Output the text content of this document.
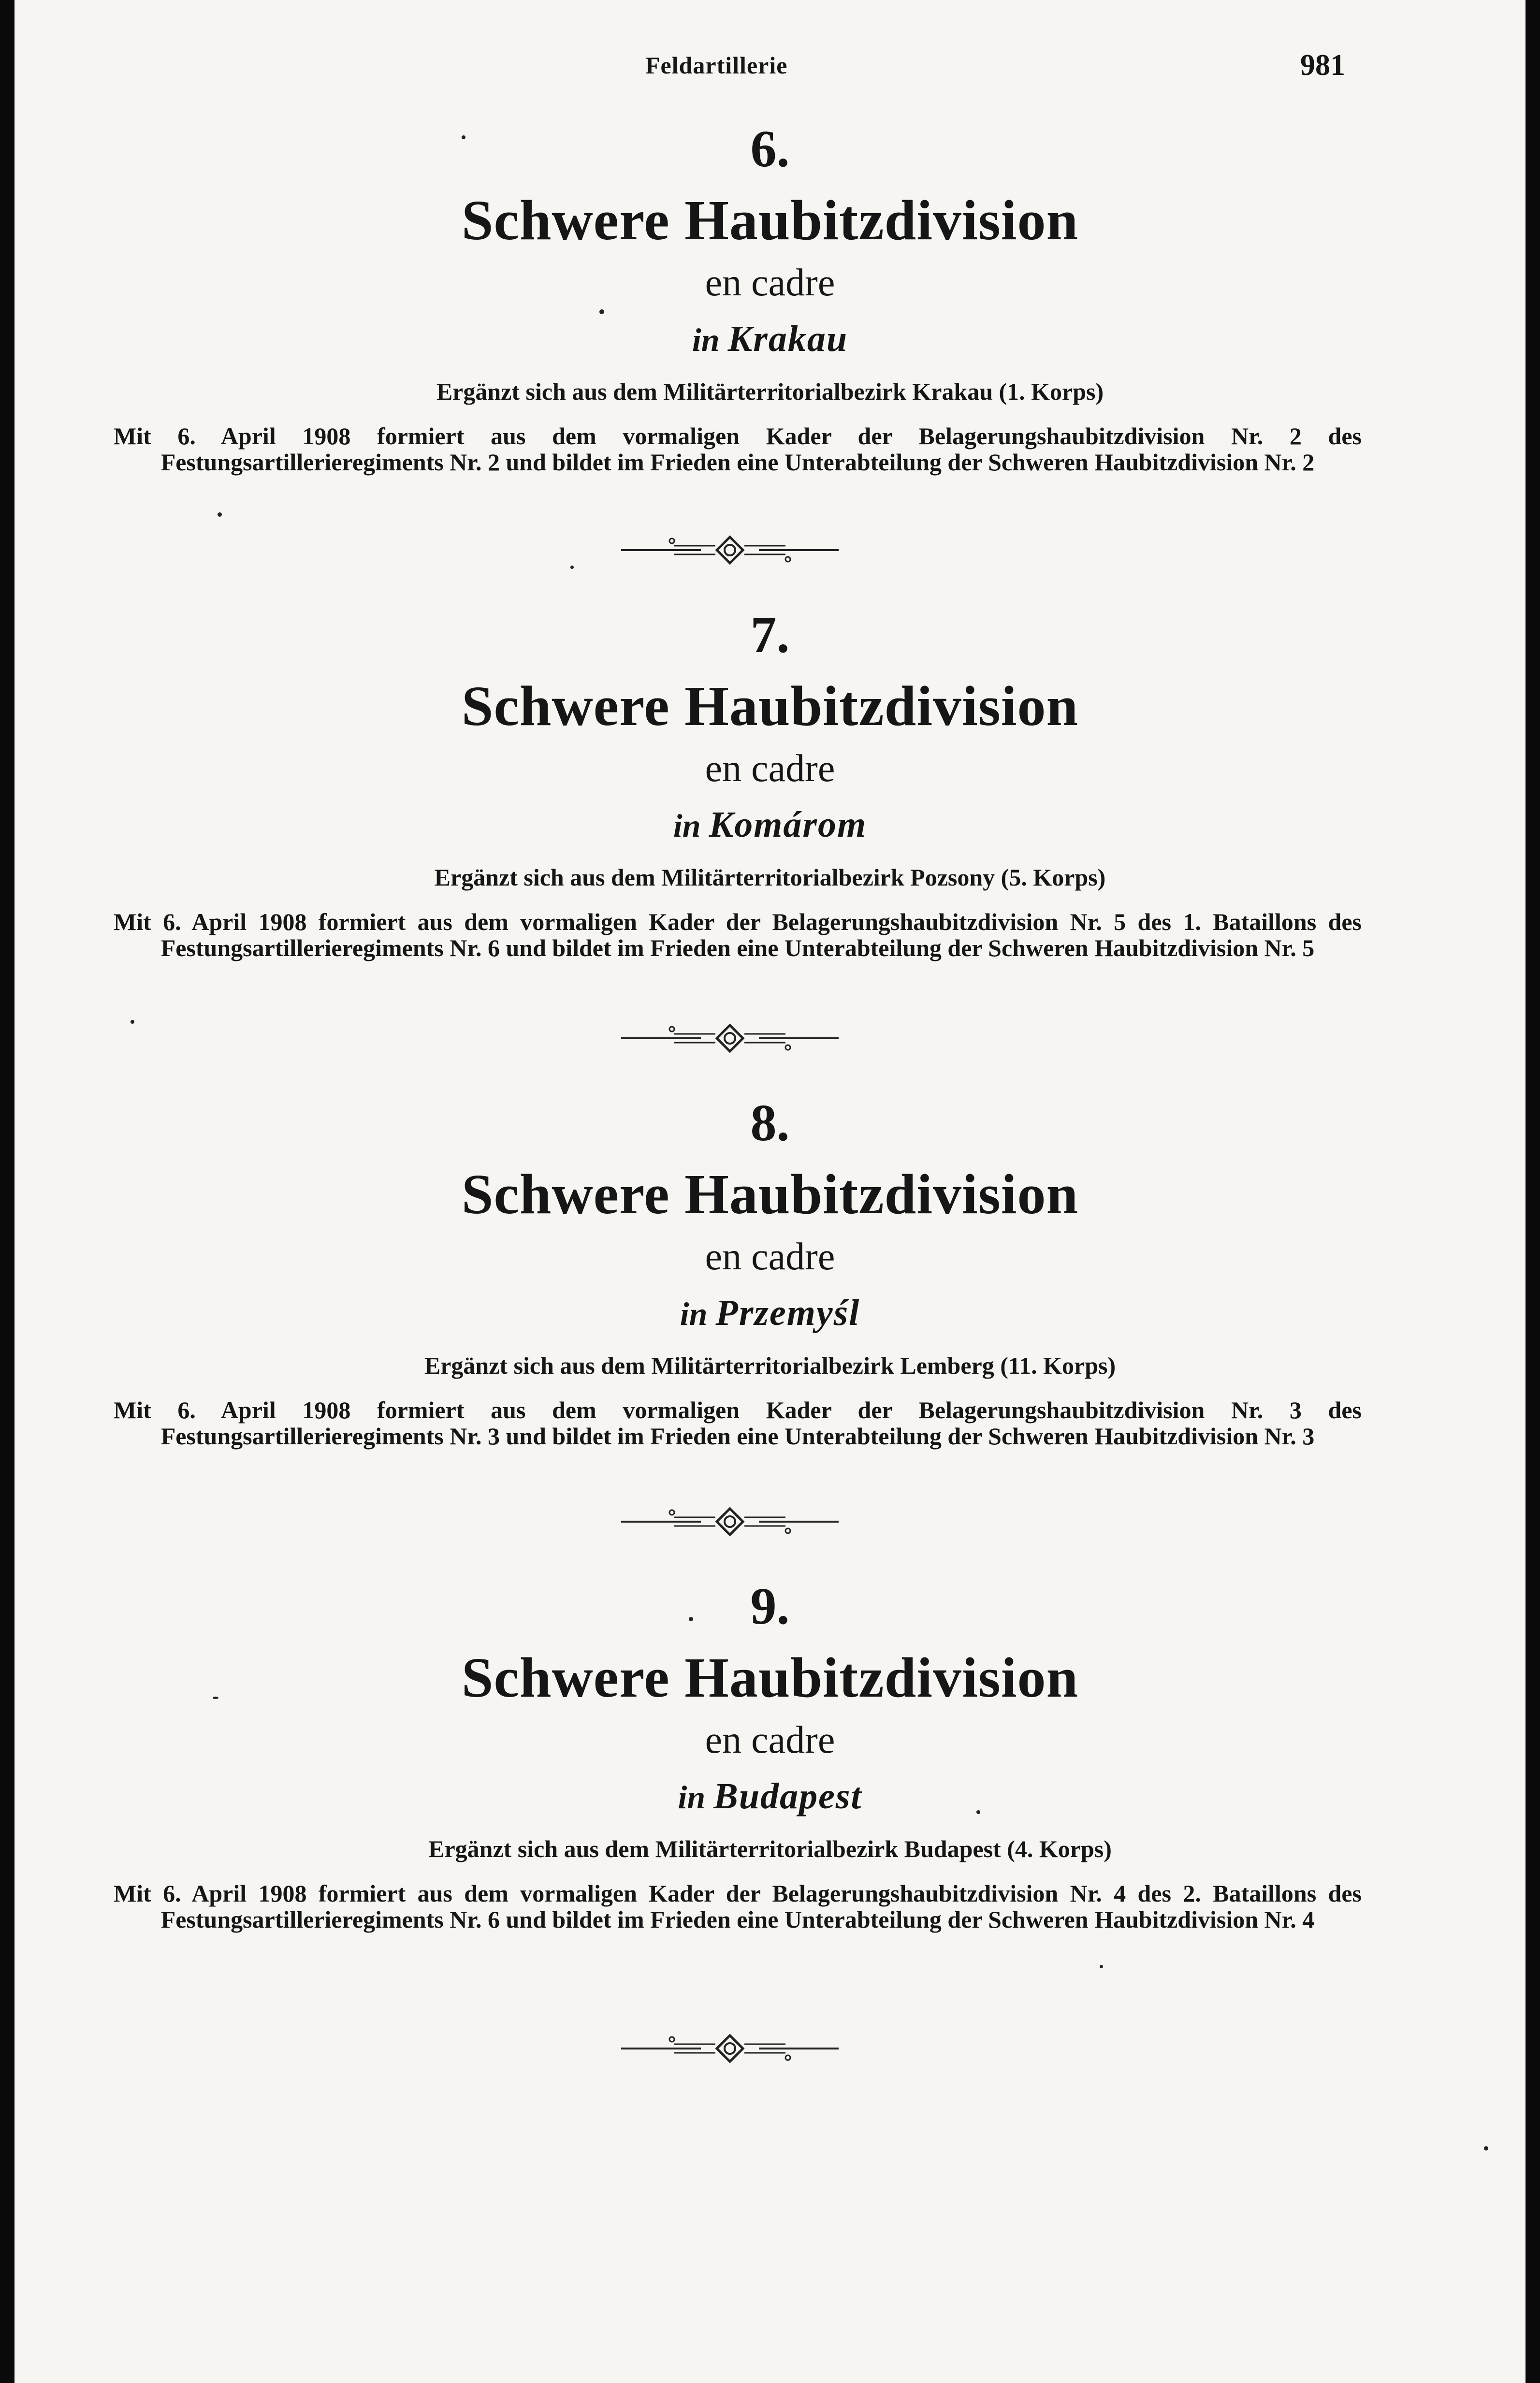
Feldartillerie	981
6.
Schwere Haubitzdivision
en cadre
in Krakau
Ergänzt sich aus dem Militärterritorialbezirk Krakau (1. Korps)
Mit 6. April 1908 formiert aus dem vormaligen Kader der Belagerungshaubitzdivision Nr. 2 des Festungsartillerieregiments Nr. 2 und bildet im Frieden eine Unterabteilung der Schweren Haubitzdivision Nr. 2
7.
Schwere Haubitzdivision
en cadre
in Komárom
Ergänzt sich aus dem Militärterritorialbezirk Pozsony (5. Korps)
Mit 6. April 1908 formiert aus dem vormaligen Kader der Belagerungshaubitzdivision Nr. 5 des 1. Bataillons des Festungsartillerieregiments Nr. 6 und bildet im Frieden eine Unterabteilung der Schweren Haubitzdivision Nr. 5
8.
Schwere Haubitzdivision
en cadre
in Przemyśl
Ergänzt sich aus dem Militärterritorialbezirk Lemberg (11. Korps)
Mit 6. April 1908 formiert aus dem vormaligen Kader der Belagerungshaubitzdivision Nr. 3 des Festungsartillerieregiments Nr. 3 und bildet im Frieden eine Unterabteilung der Schweren Haubitzdivision Nr. 3
9.
Schwere Haubitzdivision
en cadre
in Budapest
Ergänzt sich aus dem Militärterritorialbezirk Budapest (4. Korps)
Mit 6. April 1908 formiert aus dem vormaligen Kader der Belagerungshaubitzdivision Nr. 4 des 2. Bataillons des Festungsartillerieregiments Nr. 6 und bildet im Frieden eine Unterabteilung der Schweren Haubitzdivision Nr. 4
